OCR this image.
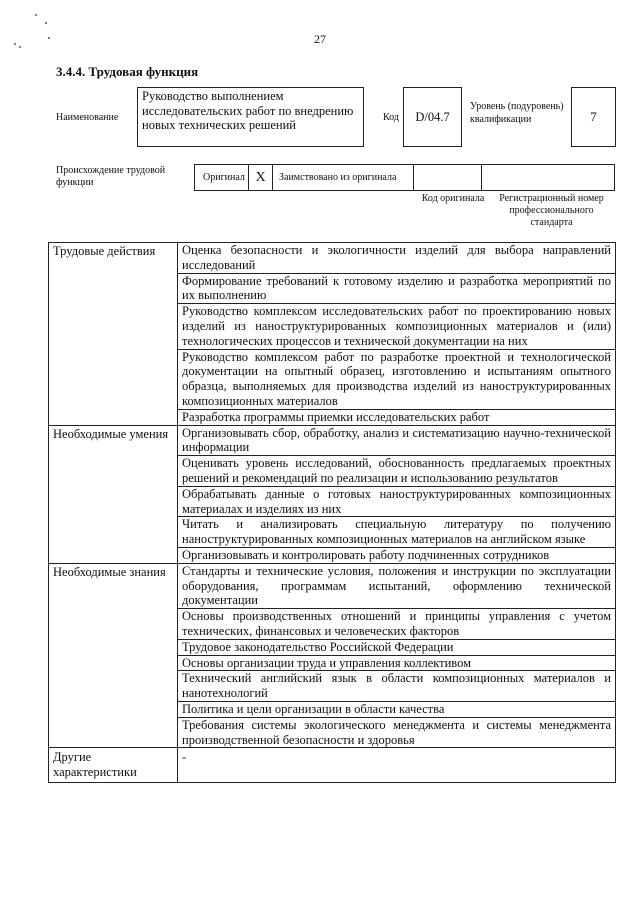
27
3.4.4. Трудовая функция
Наименование
Руководство выполнением исследовательских работ по внедрению новых технических решений
Код D/04.7
Уровень (подуровень) квалификации	7
Происхождение трудовой функции	Оригинал X Заимствовано из оригинала
Код оригинала	Регистрационный номер профессионального стандарта
Трудовые действия	Оценка безопасности и экологичности изделий для выбора направлений исследований
	Формирование требований к готовому изделию и разработка мероприятий по их выполнению
	Руководство комплексом исследовательских работ по проектированию новых изделий из наноструктурированных композиционных материалов и (или) технологических процессов и технической документации на них
	Руководство комплексом работ по разработке проектной и технологической документации на опытный образец, изготовлению и испытаниям опытного образца, выполняемых для производства изделий из наноструктурированных композиционных материалов
	Разработка программы приемки исследовательских работ
Необходимые умения	Организовывать сбор, обработку, анализ и систематизацию научно-технической информации
	Оценивать уровень исследований, обоснованность предлагаемых проектных решений и рекомендаций по реализации и использованию результатов
	Обрабатывать данные о готовых наноструктурированных композиционных материалах и изделиях из них
	Читать и анализировать специальную литературу по получению наноструктурированных композиционных материалов на английском языке
	Организовывать и контролировать работу подчиненных сотрудников
Необходимые знания	Стандарты и технические условия, положения и инструкции по эксплуатации оборудования, программам испытаний, оформлению технической документации
	Основы производственных отношений и принципы управления с учетом технических, финансовых и человеческих факторов
	Трудовое законодательство Российской Федерации
	Основы организации труда и управления коллективом
	Технический английский язык в области композиционных материалов и нанотехнологий
	Политика и цели организации в области качества
	Требования системы экологического менеджмента и системы менеджмента производственной безопасности и здоровья
Другие характеристики	-
